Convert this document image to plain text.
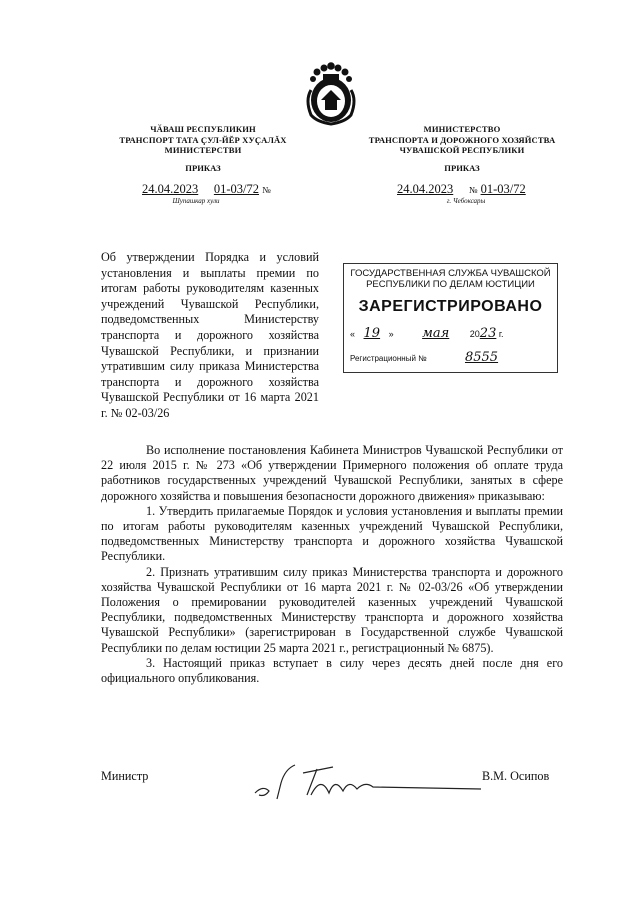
ЧӐВАШ РЕСПУБЛИКИН
ТРАНСПОРТ ТАТА ҪУЛ-ЙĔР ХУҪАЛĂХ
МИНИСТЕРСТВИ
ПРИКАЗ
24.04.2023 01-03/72 №
Шупашкар хули
МИНИСТЕРСТВО
ТРАНСПОРТА И ДОРОЖНОГО ХОЗЯЙСТВА
ЧУВАШСКОЙ РЕСПУБЛИКИ
ПРИКАЗ
24.04.2023 № 01-03/72
г. Чебоксары
Об утверждении Порядка и условий установления и выплаты премии по итогам работы руководителям казенных учреждений Чувашской Республики, подведомственных Министерству транспорта и дорожного хозяйства Чувашской Республики, и признании утратившим силу приказа Министерства транспорта и дорожного хозяйства Чувашской Республики от 16 марта 2021 г. № 02-03/26
ГОСУДАРСТВЕННАЯ СЛУЖБА ЧУВАШСКОЙ
РЕСПУБЛИКИ ПО ДЕЛАМ ЮСТИЦИИ
ЗАРЕГИСТРИРОВАНО
« 19 » мая 2023 г.
Регистрационный №	8555

Во исполнение постановления Кабинета Министров Чувашской Республики от 22 июля 2015 г. № 273 «Об утверждении Примерного положения об оплате труда работников государственных учреждений Чувашской Республики, занятых в сфере дорожного хозяйства и повышения безопасности дорожного движения» приказываю:

1. Утвердить прилагаемые Порядок и условия установления и выплаты премии по итогам работы руководителям казенных учреждений Чувашской Республики, подведомственных Министерству транспорта и дорожного хозяйства Чувашской Республики.

2. Признать утратившим силу приказ Министерства транспорта и дорожного хозяйства Чувашской Республики от 16 марта 2021 г. № 02-03/26 «Об утверждении Положения о премировании руководителей казенных учреждений Чувашской Республики, подведомственных Министерству транспорта и дорожного хозяйства Чувашской Республики» (зарегистрирован в Государственной службе Чувашской Республики по делам юстиции 25 марта 2021 г., регистрационный № 6875).

3. Настоящий приказ вступает в силу через десять дней после дня его официального опубликования.

Министр	В.М. Осипов
